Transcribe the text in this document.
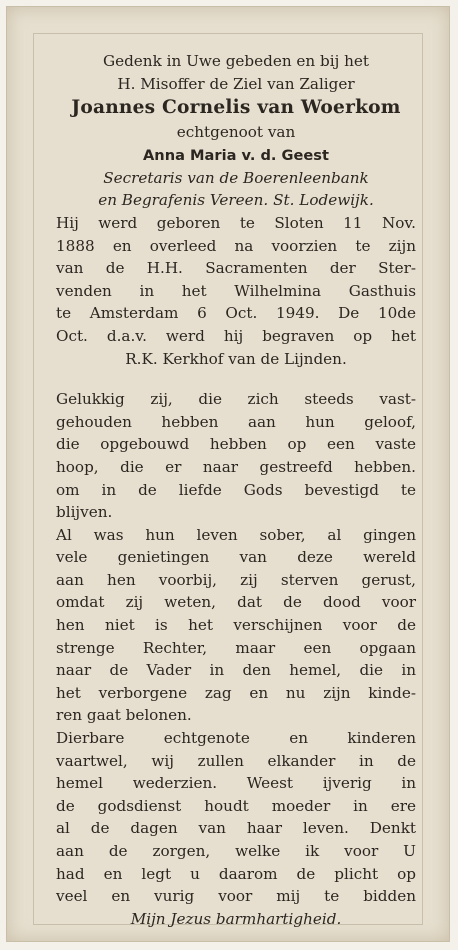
Gedenk in Uwe gebeden en bij het
H. Misoffer de Ziel van Zaliger
Joannes Cornelis van Woerkom
echtgenoot van
Anna Maria v. d. Geest
Secretaris van de Boerenleenbank
en Begrafenis Vereen. St. Lodewijk.
Hij werd geboren te Sloten 11 Nov.
1888 en overleed na voorzien te zijn
van de H.H. Sacramenten der Ster-
venden in het Wilhelmina Gasthuis
te Amsterdam 6 Oct. 1949. De 10de
Oct. d.a.v. werd hij begraven op het
R.K. Kerkhof van de Lijnden.
Gelukkig zij, die zich steeds vast-
gehouden hebben aan hun geloof,
die opgebouwd hebben op een vaste
hoop, die er naar gestreefd hebben.
om in de liefde Gods bevestigd te
blijven.
Al was hun leven sober, al gingen
vele genietingen van deze wereld
aan hen voorbij, zij sterven gerust,
omdat zij weten, dat de dood voor
hen niet is het verschijnen voor de
strenge Rechter, maar een opgaan
naar de Vader in den hemel, die in
het verborgene zag en nu zijn kinde-
ren gaat belonen.
Dierbare echtgenote en kinderen
vaartwel, wij zullen elkander in de
hemel wederzien. Weest ijverig in
de godsdienst houdt moeder in ere
al de dagen van haar leven. Denkt
aan de zorgen, welke ik voor U
had en legt u daarom de plicht op
veel en vurig voor mij te bidden
Mijn Jezus barmhartigheid.
